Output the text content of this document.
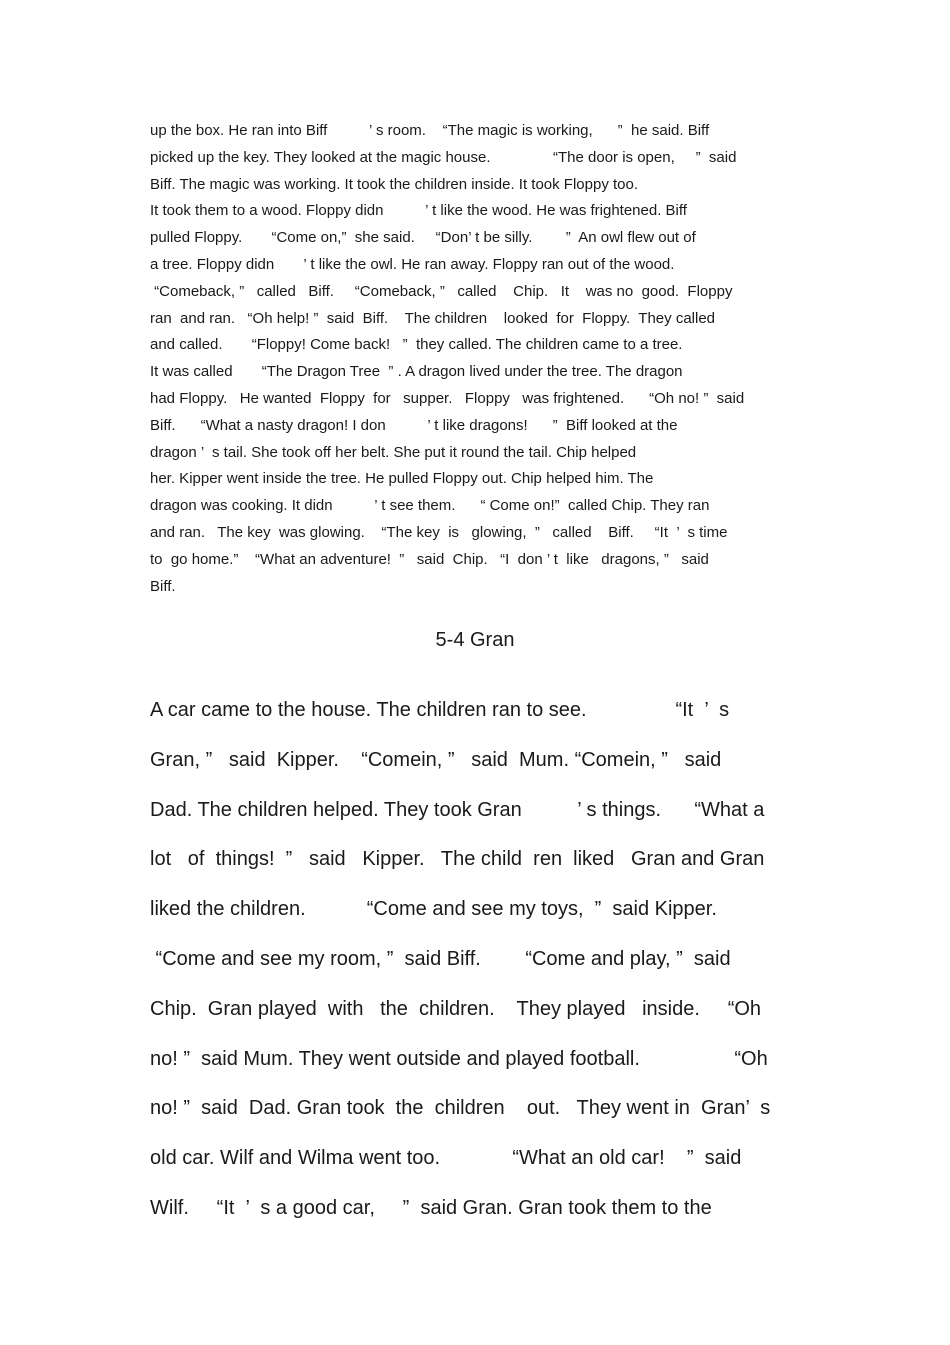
up the box. He ran into Biff          ’ s room.    “The magic is working,      ”  he said. Biff
picked up the key. They looked at the magic house.               “The door is open,     ”  said
Biff. The magic was working. It took the children inside. It took Floppy too.
It took them to a wood. Floppy didn          ’ t like the wood. He was frightened. Biff
pulled Floppy.       “Come on,”  she said.     “Don’ t be silly.        ”  An owl flew out of
a tree. Floppy didn       ’ t like the owl. He ran away. Floppy ran out of the wood.
“Comeback, ”   called   Biff.     “Comeback, ”   called    Chip.   It    was no  good.  Floppy
ran  and ran.   “Oh help! ”  said  Biff.    The children    looked  for  Floppy.  They called
and called.       “Floppy! Come back!   ”  they called. The children came to a tree.
It was called       “The Dragon Tree  ” . A dragon lived under the tree. The dragon
had Floppy.   He wanted  Floppy  for   supper.   Floppy   was frightened.      “Oh no! ”  said
Biff.      “What a nasty dragon! I don          ’ t like dragons!      ”  Biff looked at the
dragon ’  s tail. She took off her belt. She put it round the tail. Chip helped
her. Kipper went inside the tree. He pulled Floppy out. Chip helped him. The
dragon was cooking. It didn          ’ t see them.      “ Come on!”  called Chip. They ran
and ran.   The key  was glowing.    “The key  is   glowing,  ”   called    Biff.     “It  ’  s time
to  go home.”    “What an adventure!  ”   said  Chip.   “I  don ’ t  like   dragons, ”   said
Biff.
5-4 Gran
A car came to the house. The children ran to see.                “It  ’  s
Gran, ”   said  Kipper.    “Comein, ”   said  Mum. “Comein, ”   said
Dad. The children helped. They took Gran          ’ s things.      “What a
lot   of  things!  ”   said   Kipper.   The child  ren  liked   Gran and Gran
liked the children.           “Come and see my toys,  ”  said Kipper.
“Come and see my room, ”  said Biff.        “Come and play, ”  said
Chip.  Gran played  with   the  children.    They played   inside.     “Oh
no! ”  said Mum. They went outside and played football.                 “Oh
no! ”  said  Dad. Gran took  the  children    out.   They went in  Gran’  s
old car. Wilf and Wilma went too.             “What an old car!    ”  said
Wilf.     “It  ’  s a good car,     ”  said Gran. Gran took them to the
